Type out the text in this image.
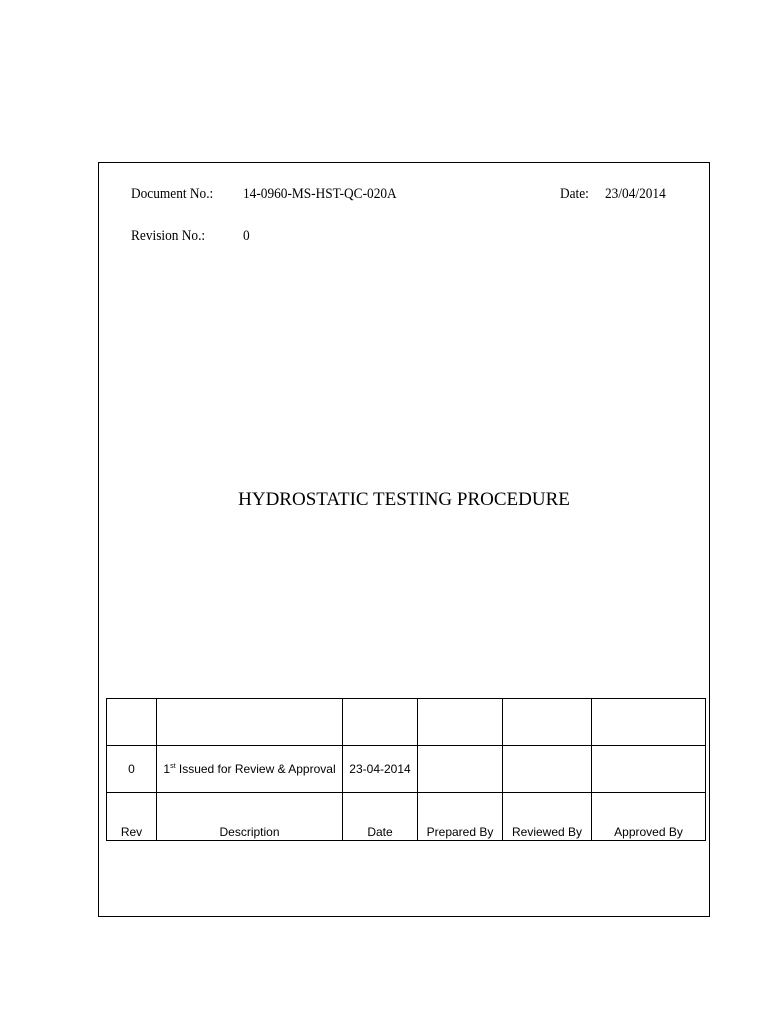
Document No.: 14-0960-MS-HST-QC-020A	Date: 23/04/2014
Revision No.:	0
HYDROSTATIC TESTING PROCEDURE

0	1st Issued for Review & Approval	23-04-2014			
Rev	Description	Date	Prepared By	Reviewed By	Approved By
